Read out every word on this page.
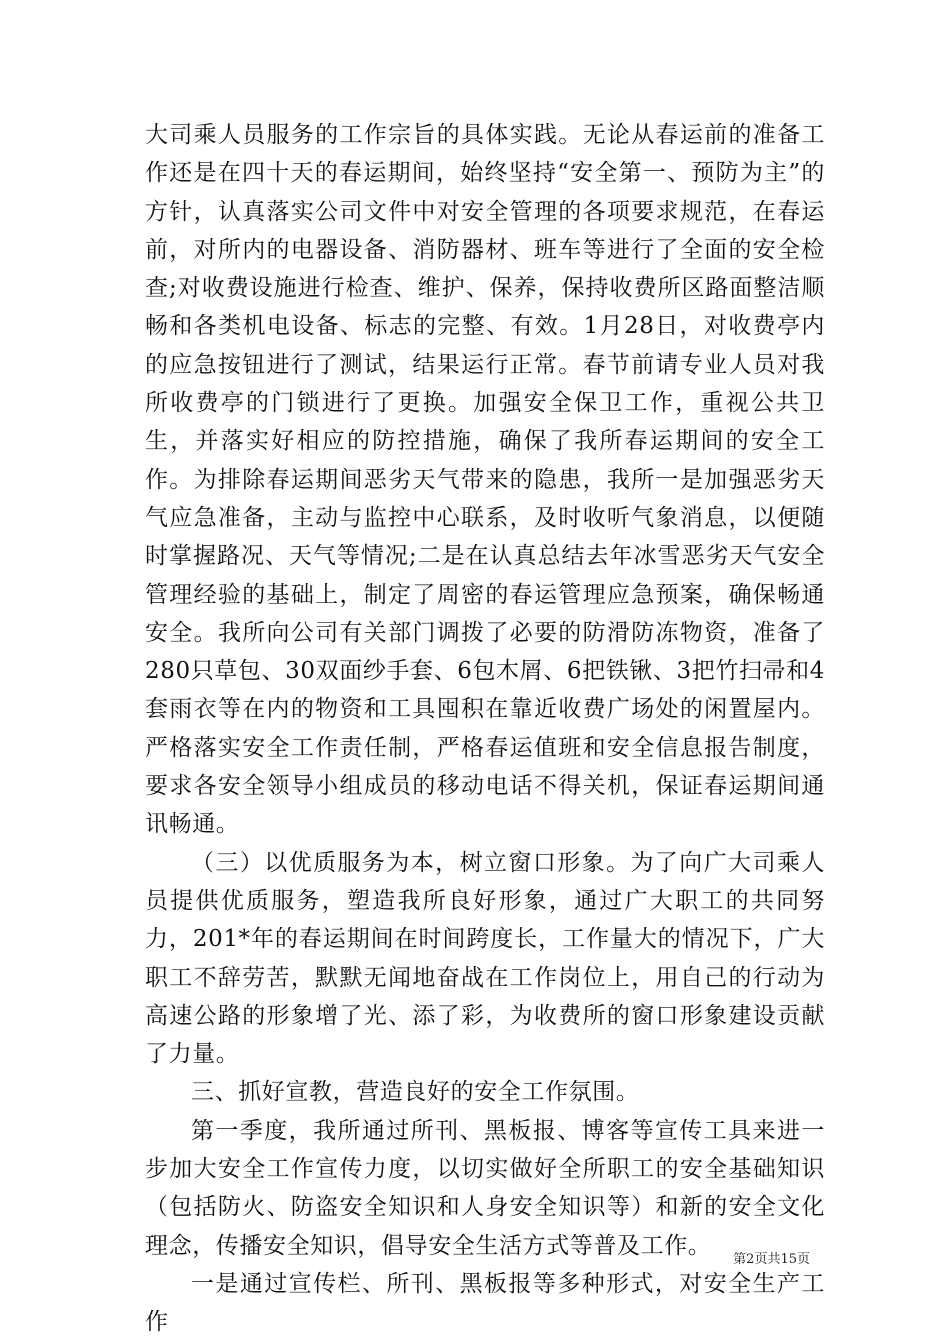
大司乘人员服务的工作宗旨的具体实践。无论从春运前的准备工作还是在四十天的春运期间，始终坚持“安全第一、预防为主”的方针，认真落实公司文件中对安全管理的各项要求规范，在春运前，对所内的电器设备、消防器材、班车等进行了全面的安全检查;对收费设施进行检查、维护、保养，保持收费所区路面整洁顺畅和各类机电设备、标志的完整、有效。1月28日，对收费亭内的应急按钮进行了测试，结果运行正常。春节前请专业人员对我所收费亭的门锁进行了更换。加强安全保卫工作，重视公共卫生，并落实好相应的防控措施，确保了我所春运期间的安全工作。为排除春运期间恶劣天气带来的隐患，我所一是加强恶劣天气应急准备，主动与监控中心联系，及时收听气象消息，以便随时掌握路况、天气等情况;二是在认真总结去年冰雪恶劣天气安全管理经验的基础上，制定了周密的春运管理应急预案，确保畅通安全。我所向公司有关部门调拨了必要的防滑防冻物资，准备了280只草包、30双面纱手套、6包木屑、6把铁锹、3把竹扫帚和4套雨衣等在内的物资和工具囤积在靠近收费广场处的闲置屋内。严格落实安全工作责任制，严格春运值班和安全信息报告制度，要求各安全领导小组成员的移动电话不得关机，保证春运期间通讯畅通。

（三）以优质服务为本，树立窗口形象。为了向广大司乘人员提供优质服务，塑造我所良好形象，通过广大职工的共同努力，201*年的春运期间在时间跨度长，工作量大的情况下，广大职工不辞劳苦，默默无闻地奋战在工作岗位上，用自己的行动为高速公路的形象增了光、添了彩，为收费所的窗口形象建设贡献了力量。

三、抓好宣教，营造良好的安全工作氛围。

第一季度，我所通过所刊、黑板报、博客等宣传工具来进一步加大安全工作宣传力度，以切实做好全所职工的安全基础知识（包括防火、防盗安全知识和人身安全知识等）和新的安全文化理念，传播安全知识，倡导安全生活方式等普及工作。

一是通过宣传栏、所刊、黑板报等多种形式，对安全生产工作

第2页共15页
